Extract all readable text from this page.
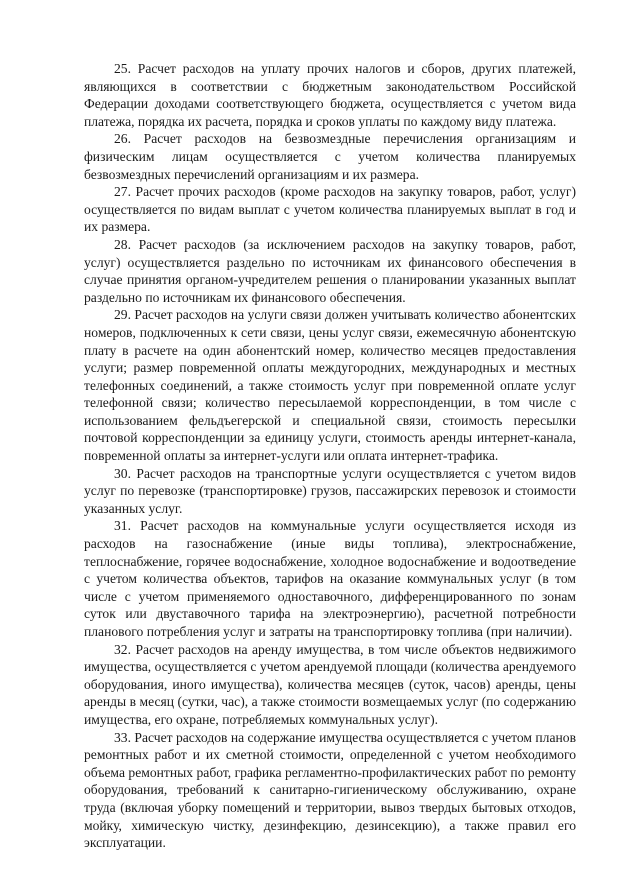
25. Расчет расходов на уплату прочих налогов и сборов, других платежей, являющихся в соответствии с бюджетным законодательством Российской Федерации доходами соответствующего бюджета, осуществляется с учетом вида платежа, порядка их расчета, порядка и сроков уплаты по каждому виду платежа.

26. Расчет расходов на безвозмездные перечисления организациям и физическим лицам осуществляется с учетом количества планируемых безвозмездных перечислений организациям и их размера.

27. Расчет прочих расходов (кроме расходов на закупку товаров, работ, услуг) осуществляется по видам выплат с учетом количества планируемых выплат в год и их размера.

28. Расчет расходов (за исключением расходов на закупку товаров, работ, услуг) осуществляется раздельно по источникам их финансового обеспечения в случае принятия органом-учредителем решения о планировании указанных выплат раздельно по источникам их финансового обеспечения.

29. Расчет расходов на услуги связи должен учитывать количество абонентских номеров, подключенных к сети связи, цены услуг связи, ежемесячную абонентскую плату в расчете на один абонентский номер, количество месяцев предоставления услуги; размер повременной оплаты междугородних, международных и местных телефонных соединений, а также стоимость услуг при повременной оплате услуг телефонной связи; количество пересылаемой корреспонденции, в том числе с использованием фельдъегерской и специальной связи, стоимость пересылки почтовой корреспонденции за единицу услуги, стоимость аренды интернет-канала, повременной оплаты за интернет-услуги или оплата интернет-трафика.

30. Расчет расходов на транспортные услуги осуществляется с учетом видов услуг по перевозке (транспортировке) грузов, пассажирских перевозок и стоимости указанных услуг.

31. Расчет расходов на коммунальные услуги осуществляется исходя из расходов на газоснабжение (иные виды топлива), электроснабжение, теплоснабжение, горячее водоснабжение, холодное водоснабжение и водоотведение с учетом количества объектов, тарифов на оказание коммунальных услуг (в том числе с учетом применяемого одноставочного, дифференцированного по зонам суток или двуставочного тарифа на электроэнергию), расчетной потребности планового потребления услуг и затраты на транспортировку топлива (при наличии).

32. Расчет расходов на аренду имущества, в том числе объектов недвижимого имущества, осуществляется с учетом арендуемой площади (количества арендуемого оборудования, иного имущества), количества месяцев (суток, часов) аренды, цены аренды в месяц (сутки, час), а также стоимости возмещаемых услуг (по содержанию имущества, его охране, потребляемых коммунальных услуг).

33. Расчет расходов на содержание имущества осуществляется с учетом планов ремонтных работ и их сметной стоимости, определенной с учетом необходимого объема ремонтных работ, графика регламентно-профилактических работ по ремонту оборудования, требований к санитарно-гигиеническому обслуживанию, охране труда (включая уборку помещений и территории, вывоз твердых бытовых отходов, мойку, химическую чистку, дезинфекцию, дезинсекцию), а также правил его эксплуатации.
